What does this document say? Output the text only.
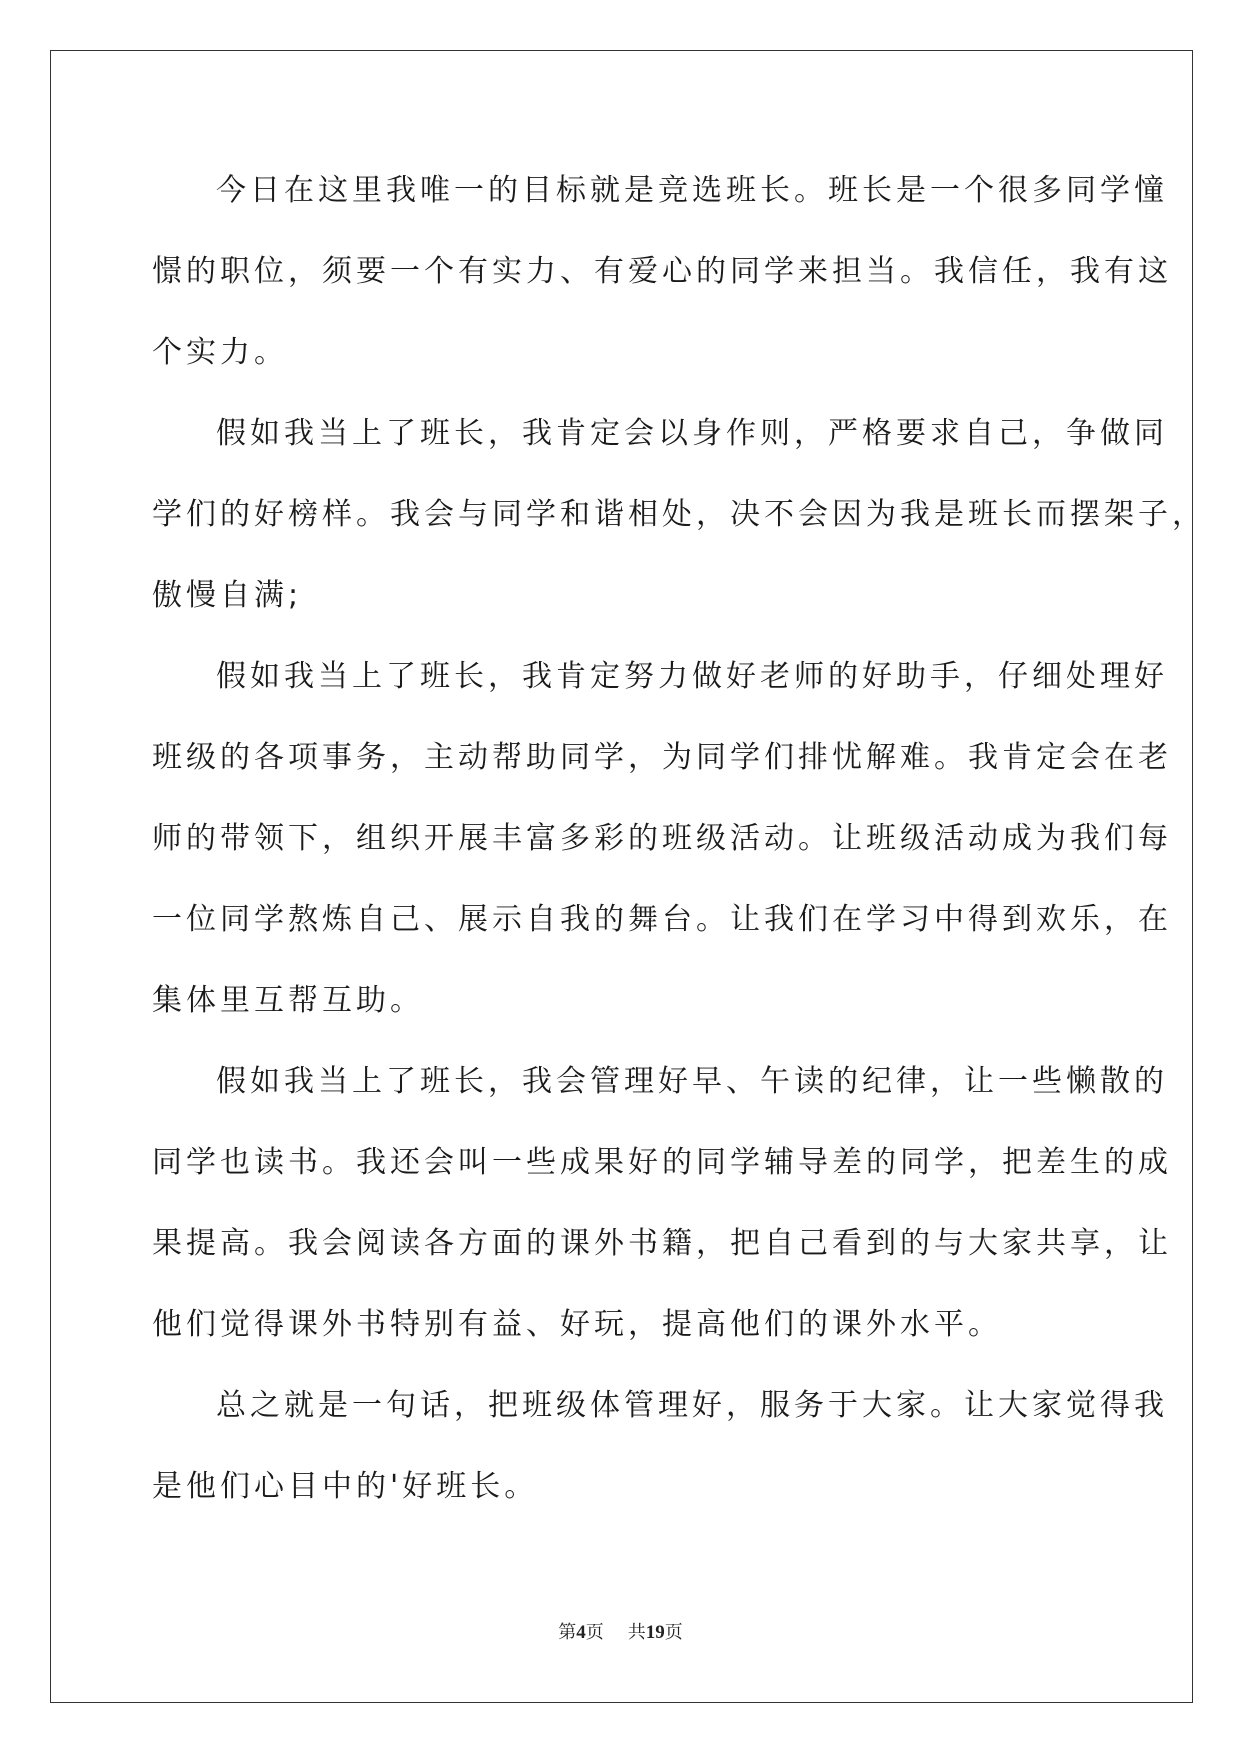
今日在这里我唯一的目标就是竞选班长。班长是一个很多同学憧
憬的职位，须要一个有实力、有爱心的同学来担当。我信任，我有这
个实力。
假如我当上了班长，我肯定会以身作则，严格要求自己，争做同
学们的好榜样。我会与同学和谐相处，决不会因为我是班长而摆架子，
傲慢自满;
假如我当上了班长，我肯定努力做好老师的好助手，仔细处理好
班级的各项事务，主动帮助同学，为同学们排忧解难。我肯定会在老
师的带领下，组织开展丰富多彩的班级活动。让班级活动成为我们每
一位同学熬炼自己、展示自我的舞台。让我们在学习中得到欢乐，在
集体里互帮互助。
假如我当上了班长，我会管理好早、午读的纪律，让一些懒散的
同学也读书。我还会叫一些成果好的同学辅导差的同学，把差生的成
果提高。我会阅读各方面的课外书籍，把自己看到的与大家共享，让
他们觉得课外书特别有益、好玩，提高他们的课外水平。
总之就是一句话，把班级体管理好，服务于大家。让大家觉得我
是他们心目中的'好班长。
第4页 共19页
